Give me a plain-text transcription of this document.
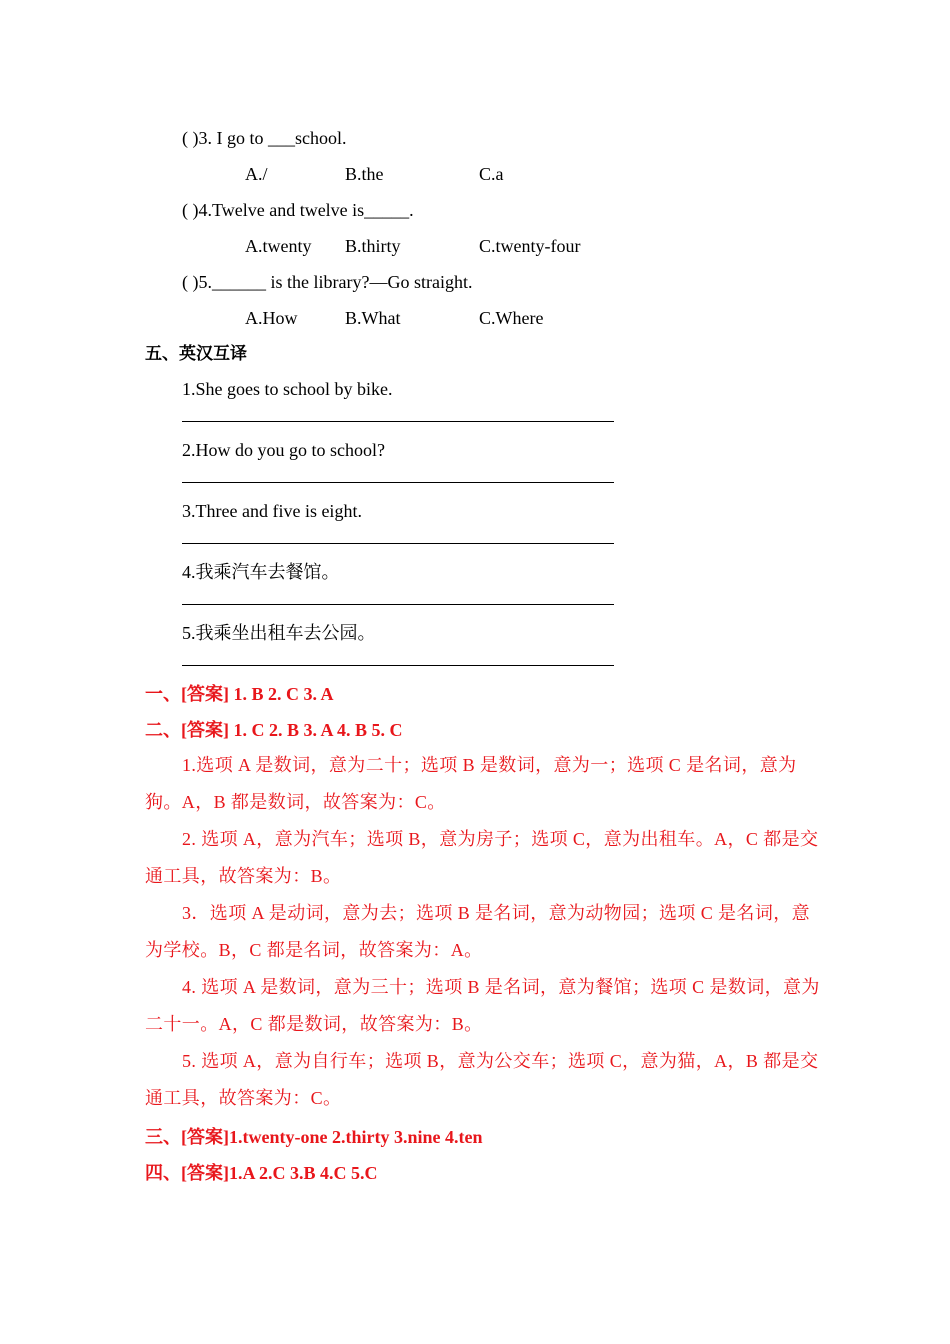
( )3. I go to ___school.
A./	B.the	C.a
( )4.Twelve and twelve is_____.
A.twenty B.thirty	C.twenty-four
( )5.______ is the library?—Go straight.
A.How	B.What	C.Where
五、英汉互译
1.She goes to school by bike.
2.How do you go to school?
3.Three and five is eight.
4.我乘汽车去餐馆。
5.我乘坐出租车去公园。
一、[答案] 1. B 2. C 3. A
二、[答案] 1. C 2. B 3. A 4. B 5. C
1.选项 A 是数词，意为二十；选项 B 是数词，意为一；选项 C 是名词，意为狗。A，B 都是数词，故答案为：C。
2. 选项 A，意为汽车；选项 B，意为房子；选项 C，意为出租车。A，C 都是交通工具，故答案为：B。
3．选项 A 是动词，意为去；选项 B 是名词，意为动物园；选项 C 是名词，意为学校。B，C 都是名词，故答案为：A。
4. 选项 A 是数词，意为三十；选项 B 是名词，意为餐馆；选项 C 是数词，意为二十一。A，C 都是数词，故答案为：B。
5. 选项 A，意为自行车；选项 B，意为公交车；选项 C，意为猫，A，B 都是交通工具，故答案为：C。
三、[答案]1.twenty-one 2.thirty 3.nine 4.ten
四、[答案]1.A 2.C 3.B 4.C 5.C
